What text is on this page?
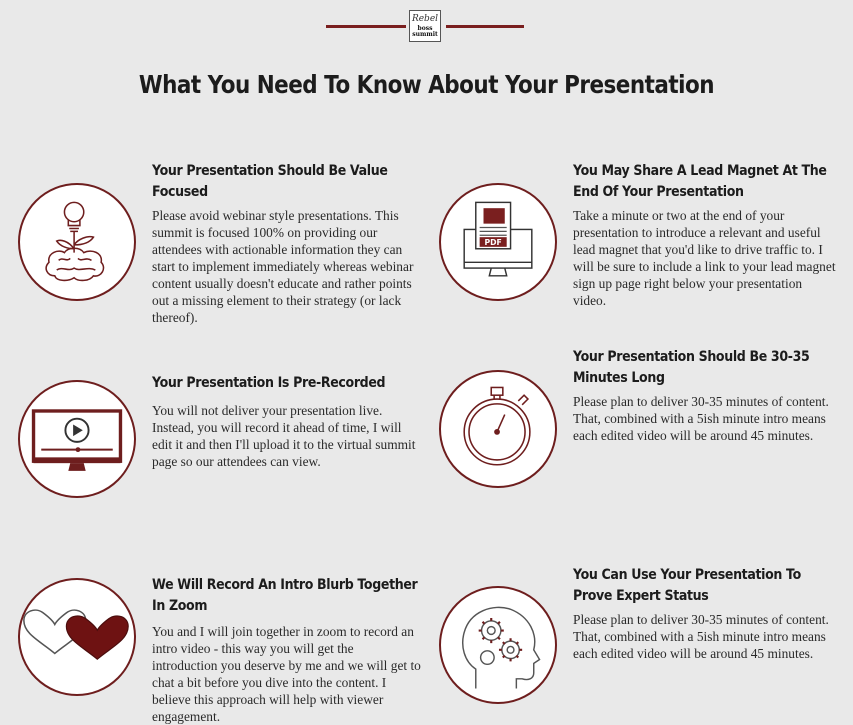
Rebel
boss
summit
What You Need To Know About Your Presentation
Your Presentation Should Be Value Focused
Please avoid webinar style presentations. This summit is focused 100% on providing our attendees with actionable information they can start to implement immediately whereas webinar content usually doesn't educate and rather points out a missing element to their strategy (or lack thereof).
PDF
You May Share A Lead Magnet At The End Of Your Presentation
Take a minute or two at the end of your presentation to introduce a relevant and useful lead magnet that you'd like to drive traffic to. I will be sure to include a link to your lead magnet sign up page right below your presentation video.
Your Presentation Is Pre-Recorded
You will not deliver your presentation live. Instead, you will record it ahead of time, I will edit it and then I'll upload it to the virtual summit page so our attendees can view.
Your Presentation Should Be 30-35 Minutes Long
Please plan to deliver 30-35 minutes of content. That, combined with a 5ish minute intro means each edited video will be around 45 minutes.
We Will Record An Intro Blurb Together In Zoom
You and I will join together in zoom to record an intro video - this way you will get the introduction you deserve by me and we will get to chat a bit before you dive into the content. I believe this approach will help with viewer engagement.
You Can Use Your Presentation To Prove Expert Status
Please plan to deliver 30-35 minutes of content. That, combined with a 5ish minute intro means each edited video will be around 45 minutes.
